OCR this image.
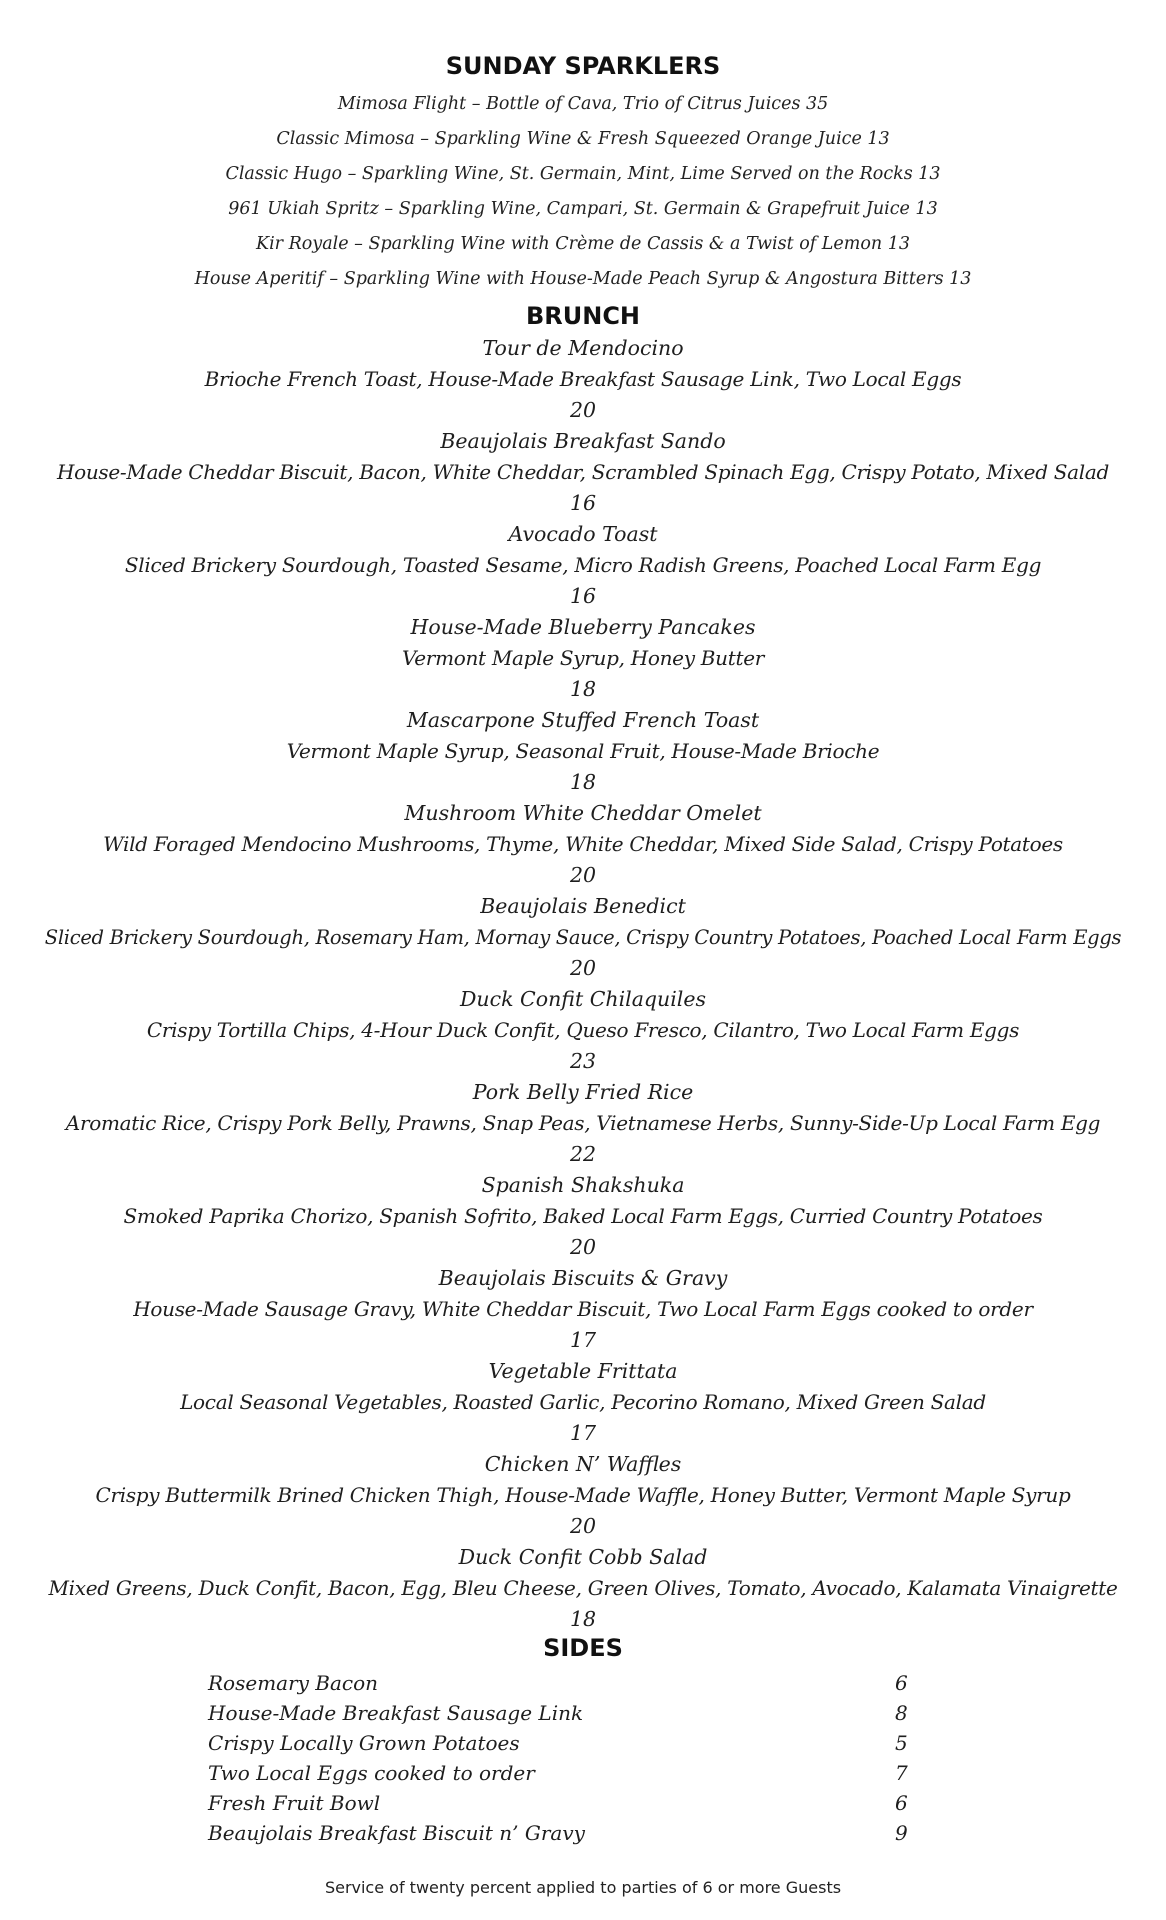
SUNDAY SPARKLERS
Mimosa Flight – Bottle of Cava, Trio of Citrus Juices 35
Classic Mimosa – Sparkling Wine & Fresh Squeezed Orange Juice 13
Classic Hugo – Sparkling Wine, St. Germain, Mint, Lime Served on the Rocks 13
961 Ukiah Spritz – Sparkling Wine, Campari, St. Germain & Grapefruit Juice 13
Kir Royale – Sparkling Wine with Crème de Cassis & a Twist of Lemon 13
House Aperitif – Sparkling Wine with House-Made Peach Syrup & Angostura Bitters 13
BRUNCH
Tour de Mendocino
Brioche French Toast, House-Made Breakfast Sausage Link, Two Local Eggs
20
Beaujolais Breakfast Sando
House-Made Cheddar Biscuit, Bacon, White Cheddar, Scrambled Spinach Egg, Crispy Potato, Mixed Salad
16
Avocado Toast
Sliced Brickery Sourdough, Toasted Sesame, Micro Radish Greens, Poached Local Farm Egg
16
House-Made Blueberry Pancakes
Vermont Maple Syrup, Honey Butter
18
Mascarpone Stuffed French Toast
Vermont Maple Syrup, Seasonal Fruit, House-Made Brioche
18
Mushroom White Cheddar Omelet
Wild Foraged Mendocino Mushrooms, Thyme, White Cheddar, Mixed Side Salad, Crispy Potatoes
20
Beaujolais Benedict
Sliced Brickery Sourdough, Rosemary Ham, Mornay Sauce, Crispy Country Potatoes, Poached Local Farm Eggs
20
Duck Confit Chilaquiles
Crispy Tortilla Chips, 4-Hour Duck Confit, Queso Fresco, Cilantro, Two Local Farm Eggs
23
Pork Belly Fried Rice
Aromatic Rice, Crispy Pork Belly, Prawns, Snap Peas, Vietnamese Herbs, Sunny-Side-Up Local Farm Egg
22
Spanish Shakshuka
Smoked Paprika Chorizo, Spanish Sofrito, Baked Local Farm Eggs, Curried Country Potatoes
20
Beaujolais Biscuits & Gravy
House-Made Sausage Gravy, White Cheddar Biscuit, Two Local Farm Eggs cooked to order
17
Vegetable Frittata
Local Seasonal Vegetables, Roasted Garlic, Pecorino Romano, Mixed Green Salad
17
Chicken N’ Waffles
Crispy Buttermilk Brined Chicken Thigh, House-Made Waffle, Honey Butter, Vermont Maple Syrup
20
Duck Confit Cobb Salad
Mixed Greens, Duck Confit, Bacon, Egg, Bleu Cheese, Green Olives, Tomato, Avocado, Kalamata Vinaigrette
18
SIDES
Rosemary Bacon	6
House-Made Breakfast Sausage Link	8
Crispy Locally Grown Potatoes	5
Two Local Eggs cooked to order	7
Fresh Fruit Bowl	6
Beaujolais Breakfast Biscuit n’ Gravy	9
Service of twenty percent applied to parties of 6 or more Guests
